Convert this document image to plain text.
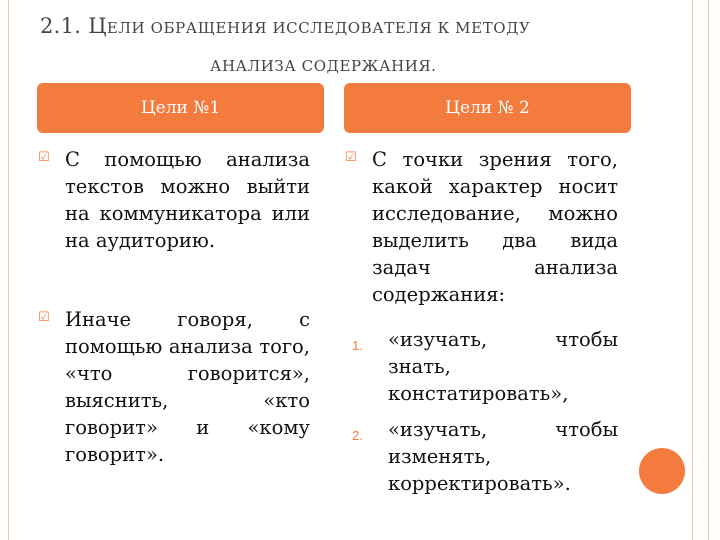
2.1. ЦЕЛИ ОБРАЩЕНИЯ ИССЛЕДОВАТЕЛЯ К МЕТОДУ
АНАЛИЗА СОДЕРЖАНИЯ.
Цели №1	Цели № 2
☑ С помощью анализа текстов можно выйти на коммуникатора или на аудиторию.
☑ Иначе говоря, с помощью анализа того, «что говорится», выяснить, «кто говорит» и «кому говорит».
☑ С точки зрения того, какой характер носит исследование, можно выделить два вида задач анализа содержания:
1. «изучать, чтобы знать, констатировать»,
2. «изучать, чтобы изменять, корректировать».
